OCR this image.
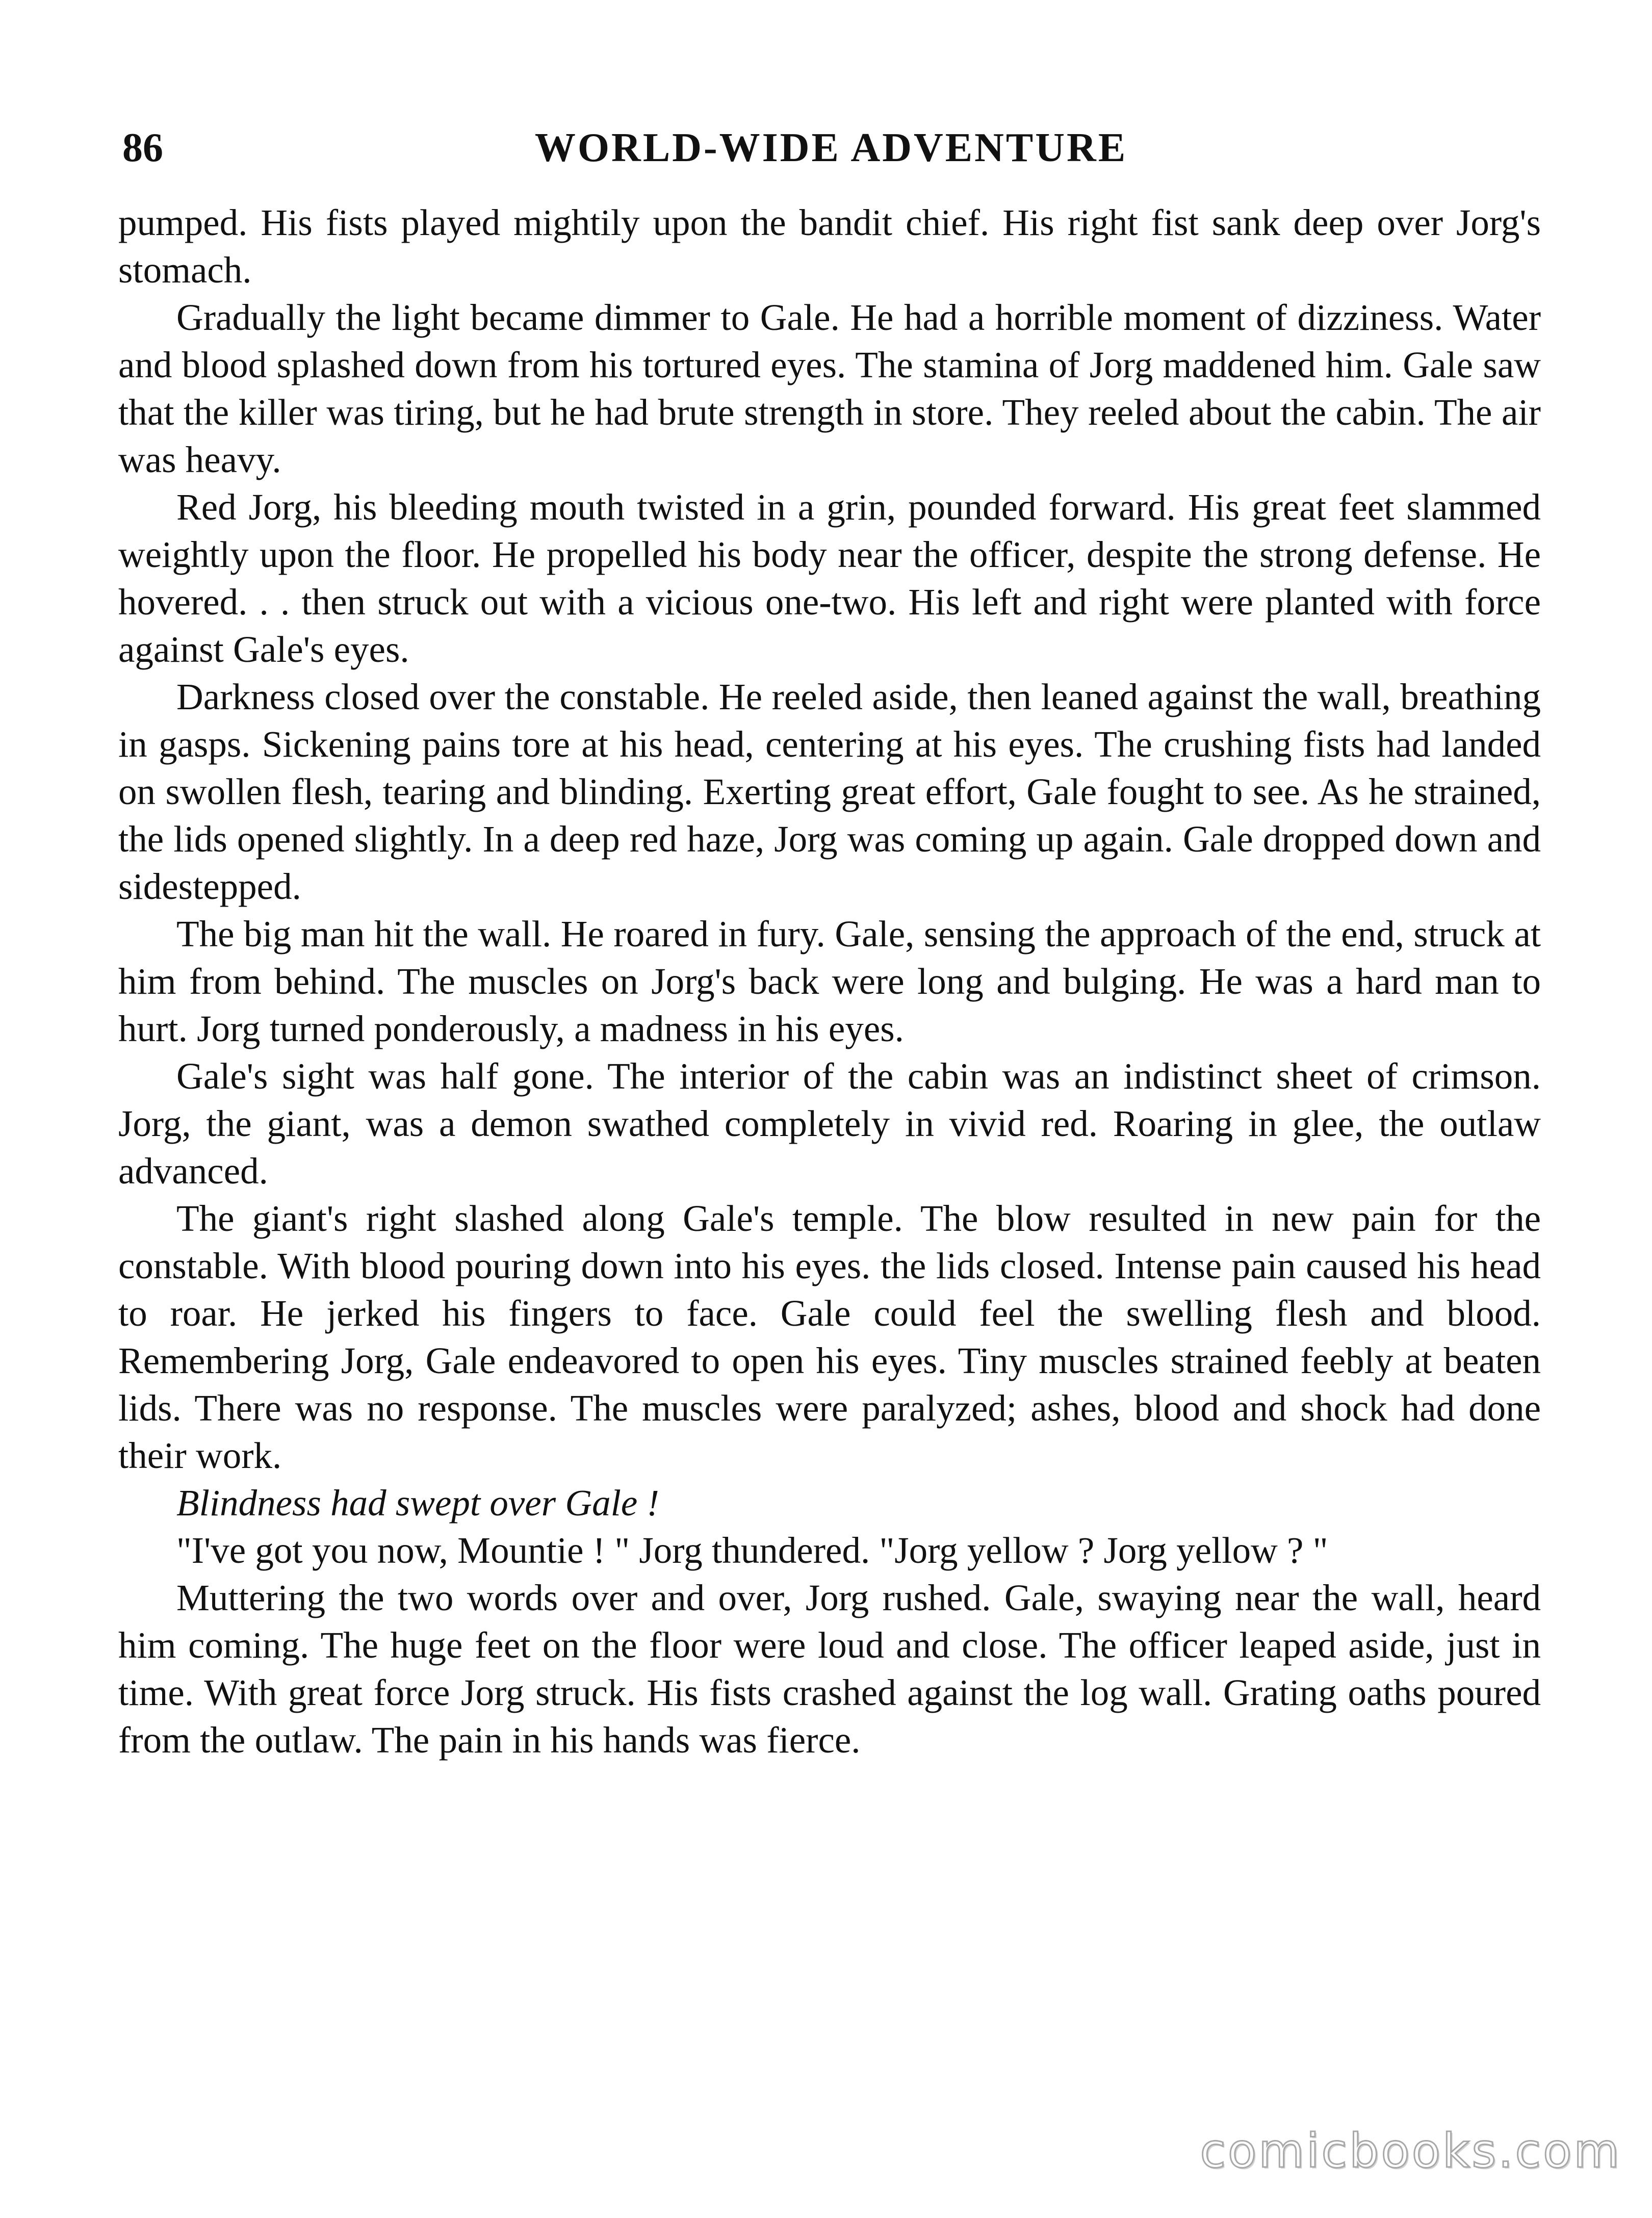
86	WORLD-WIDE ADVENTURE

pumped. His fists played mightily upon the bandit chief. His right fist sank deep over Jorg's stomach.

Gradually the light became dimmer to Gale. He had a horrible moment of dizziness. Water and blood splashed down from his tortured eyes. The stamina of Jorg maddened him. Gale saw that the killer was tiring, but he had brute strength in store. They reeled about the cabin. The air was heavy.

Red Jorg, his bleeding mouth twisted in a grin, pounded forward. His great feet slammed weightly upon the floor. He propelled his body near the officer, despite the strong defense. He hovered. . . then struck out with a vicious one-two. His left and right were planted with force against Gale's eyes.

Darkness closed over the constable. He reeled aside, then leaned against the wall, breathing in gasps. Sickening pains tore at his head, centering at his eyes. The crushing fists had landed on swollen flesh, tearing and blinding. Exerting great effort, Gale fought to see. As he strained, the lids opened slightly. In a deep red haze, Jorg was coming up again. Gale dropped down and sidestepped.

The big man hit the wall. He roared in fury. Gale, sensing the approach of the end, struck at him from behind. The muscles on Jorg's back were long and bulging. He was a hard man to hurt. Jorg turned ponderously, a madness in his eyes.

Gale's sight was half gone. The interior of the cabin was an indistinct sheet of crimson. Jorg, the giant, was a demon swathed completely in vivid red. Roaring in glee, the outlaw advanced.

The giant's right slashed along Gale's temple. The blow resulted in new pain for the constable. With blood pouring down into his eyes. the lids closed. Intense pain caused his head to roar. He jerked his fingers to face. Gale could feel the swelling flesh and blood. Remembering Jorg, Gale endeavored to open his eyes. Tiny muscles strained feebly at beaten lids. There was no response. The muscles were paralyzed; ashes, blood and shock had done their work.

Blindness had swept over Gale !

"I've got you now, Mountie ! " Jorg thundered. "Jorg yellow ? Jorg yellow ? "

Muttering the two words over and over, Jorg rushed. Gale, swaying near the wall, heard him coming. The huge feet on the floor were loud and close. The officer leaped aside, just in time. With great force Jorg struck. His fists crashed against the log wall. Grating oaths poured from the outlaw. The pain in his hands was fierce.

comicbooks.com
